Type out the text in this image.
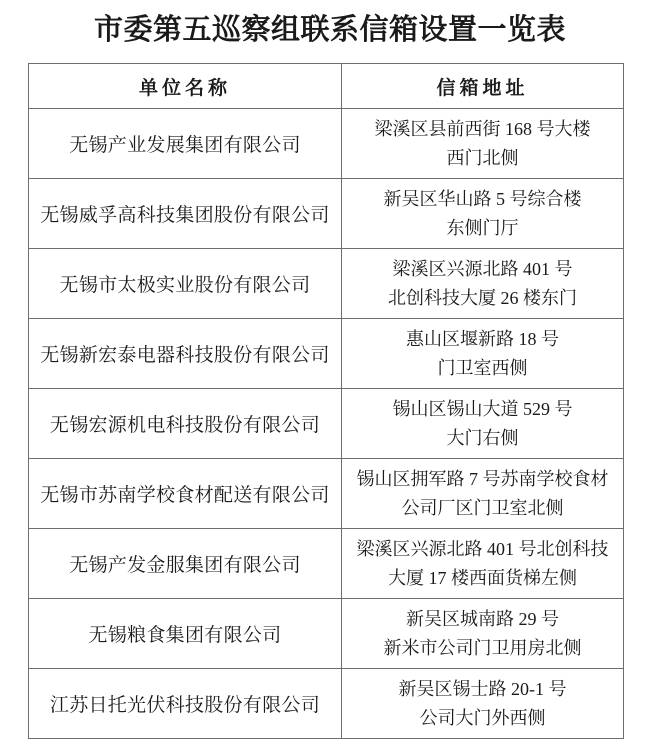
市委第五巡察组联系信箱设置一览表
单位名称	信箱地址
无锡产业发展集团有限公司	梁溪区县前西街 168 号大楼
西门北侧

无锡威孚高科技集团股份有限公司	新吴区华山路 5 号综合楼
东侧门厅

无锡市太极实业股份有限公司	梁溪区兴源北路 401 号
北创科技大厦 26 楼东门

无锡新宏泰电器科技股份有限公司	惠山区堰新路 18 号
门卫室西侧

无锡宏源机电科技股份有限公司	锡山区锡山大道 529 号
大门右侧

无锡市苏南学校食材配送有限公司	锡山区拥军路 7 号苏南学校食材
公司厂区门卫室北侧

无锡产发金服集团有限公司	梁溪区兴源北路 401 号北创科技
大厦 17 楼西面货梯左侧

无锡粮食集团有限公司	新吴区城南路 29 号
新米市公司门卫用房北侧

江苏日托光伏科技股份有限公司	新吴区锡士路 20-1 号
公司大门外西侧
